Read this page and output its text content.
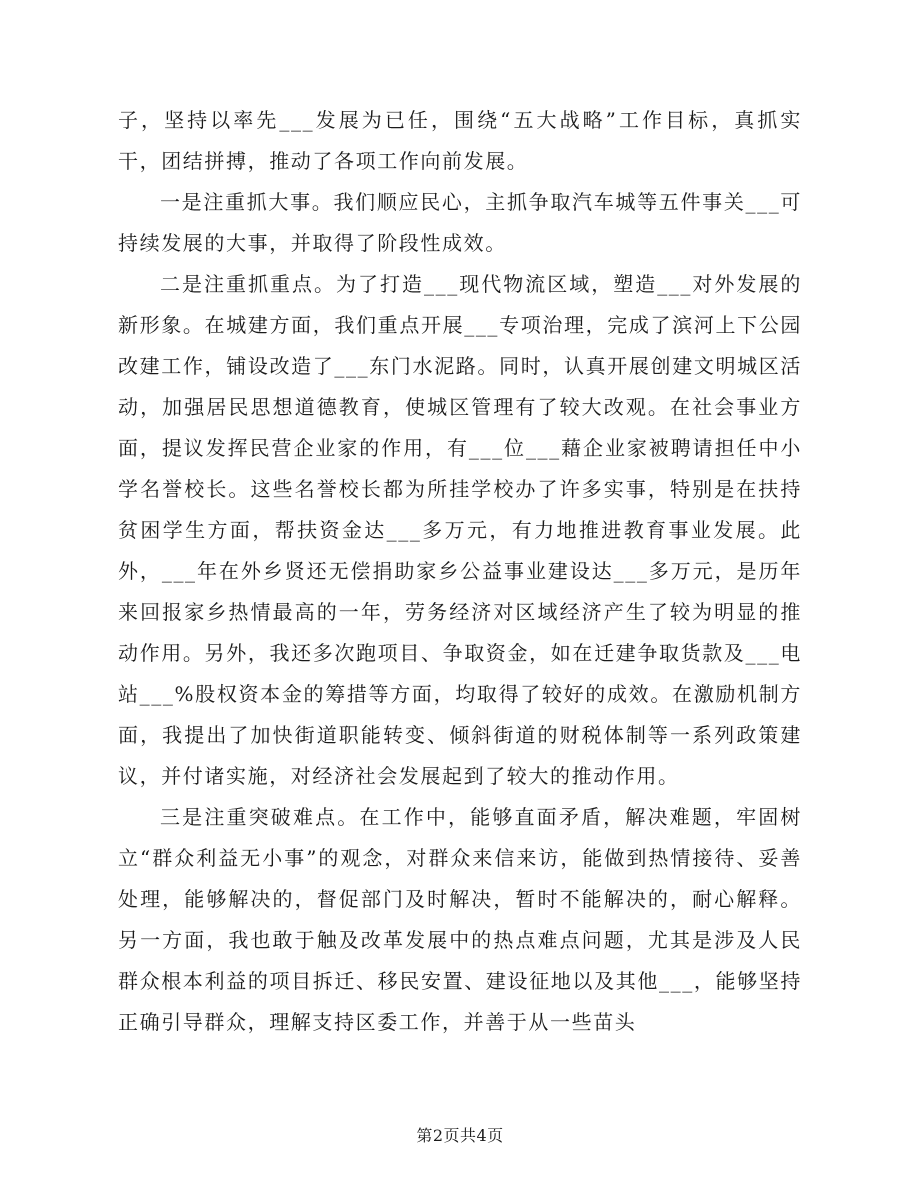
子，坚持以率先___发展为已任，围绕“五大战略”工作目标，真抓实干，团结拼搏，推动了各项工作向前发展。

一是注重抓大事。我们顺应民心，主抓争取汽车城等五件事关___可持续发展的大事，并取得了阶段性成效。

二是注重抓重点。为了打造___现代物流区域，塑造___对外发展的新形象。在城建方面，我们重点开展___专项治理，完成了滨河上下公园改建工作，铺设改造了___东门水泥路。同时，认真开展创建文明城区活动，加强居民思想道德教育，使城区管理有了较大改观。在社会事业方面，提议发挥民营企业家的作用，有___位___藉企业家被聘请担任中小学名誉校长。这些名誉校长都为所挂学校办了许多实事，特别是在扶持贫困学生方面，帮扶资金达___多万元，有力地推进教育事业发展。此外，___年在外乡贤还无偿捐助家乡公益事业建设达___多万元，是历年来回报家乡热情最高的一年，劳务经济对区域经济产生了较为明显的推动作用。另外，我还多次跑项目、争取资金，如在迁建争取货款及___电站___%股权资本金的筹措等方面，均取得了较好的成效。在激励机制方面，我提出了加快街道职能转变、倾斜街道的财税体制等一系列政策建议，并付诸实施，对经济社会发展起到了较大的推动作用。

三是注重突破难点。在工作中，能够直面矛盾，解决难题，牢固树立“群众利益无小事”的观念，对群众来信来访，能做到热情接待、妥善处理，能够解决的，督促部门及时解决，暂时不能解决的，耐心解释。另一方面，我也敢于触及改革发展中的热点难点问题，尤其是涉及人民群众根本利益的项目拆迁、移民安置、建设征地以及其他___，能够坚持正确引导群众，理解支持区委工作，并善于从一些苗头

第2页共4页
